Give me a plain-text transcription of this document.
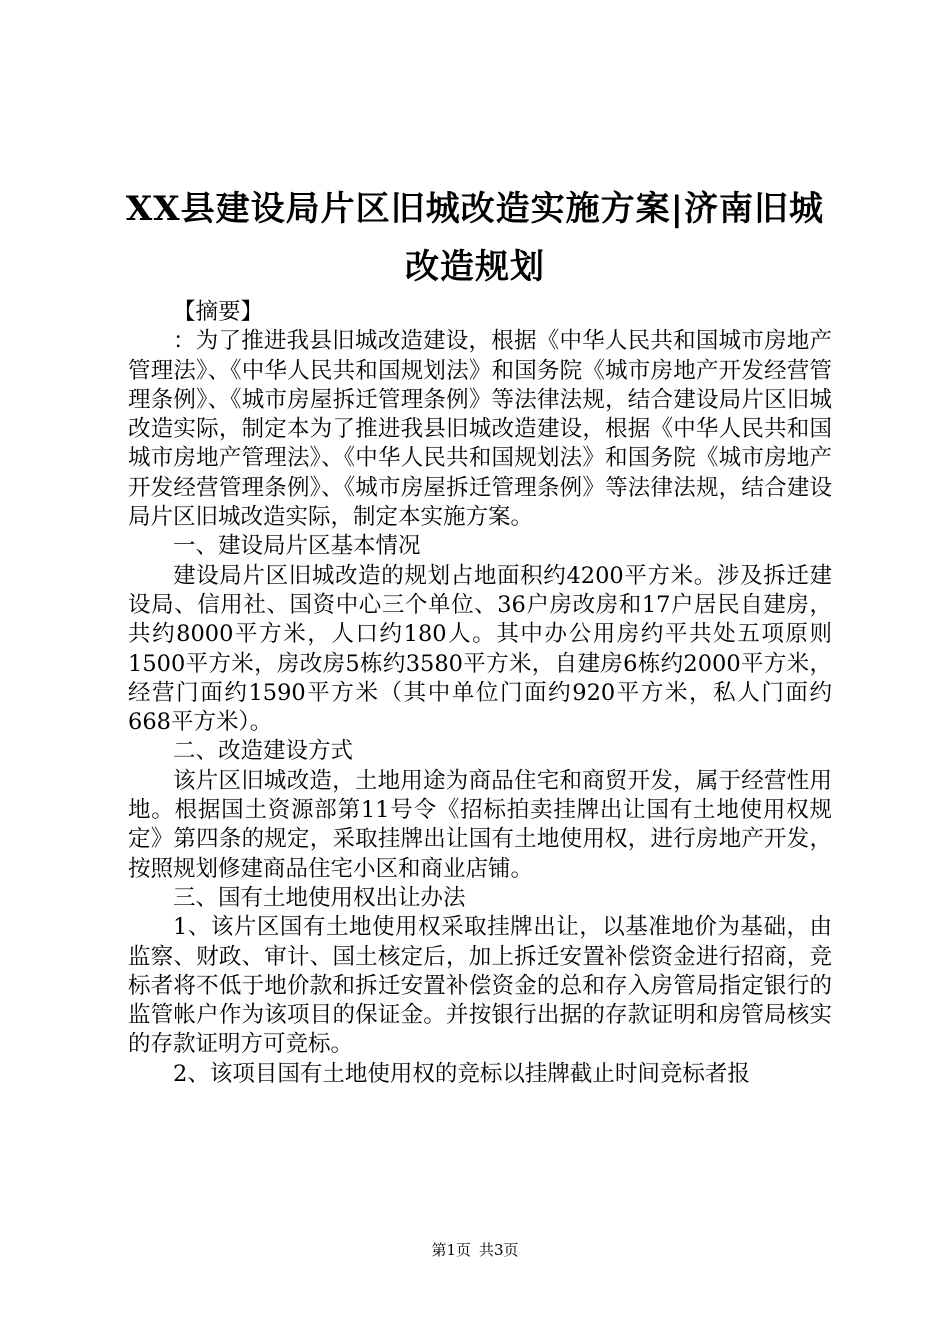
XX县建设局片区旧城改造实施方案|济南旧城
改造规划

【摘要】

：为了推进我县旧城改造建设，根据《中华人民共和国城市房地产管理法》、《中华人民共和国规划法》和国务院《城市房地产开发经营管理条例》、《城市房屋拆迁管理条例》等法律法规，结合建设局片区旧城改造实际，制定本为了推进我县旧城改造建设，根据《中华人民共和国城市房地产管理法》、《中华人民共和国规划法》和国务院《城市房地产开发经营管理条例》、《城市房屋拆迁管理条例》等法律法规，结合建设局片区旧城改造实际，制定本实施方案。

一、建设局片区基本情况

建设局片区旧城改造的规划占地面积约4200平方米。涉及拆迁建设局、信用社、国资中心三个单位、36户房改房和17户居民自建房，共约8000平方米，人口约180人。其中办公用房约平共处五项原则1500平方米，房改房5栋约3580平方米，自建房6栋约2000平方米，经营门面约1590平方米（其中单位门面约920平方米，私人门面约668平方米）。

二、改造建设方式

该片区旧城改造，土地用途为商品住宅和商贸开发，属于经营性用地。根据国土资源部第11号令《招标拍卖挂牌出让国有土地使用权规定》第四条的规定，采取挂牌出让国有土地使用权，进行房地产开发，按照规划修建商品住宅小区和商业店铺。

三、国有土地使用权出让办法

1、该片区国有土地使用权采取挂牌出让，以基准地价为基础，由监察、财政、审计、国土核定后，加上拆迁安置补偿资金进行招商，竞标者将不低于地价款和拆迁安置补偿资金的总和存入房管局指定银行的监管帐户作为该项目的保证金。并按银行出据的存款证明和房管局核实的存款证明方可竞标。

2、该项目国有土地使用权的竞标以挂牌截止时间竞标者报

第1页 共3页
